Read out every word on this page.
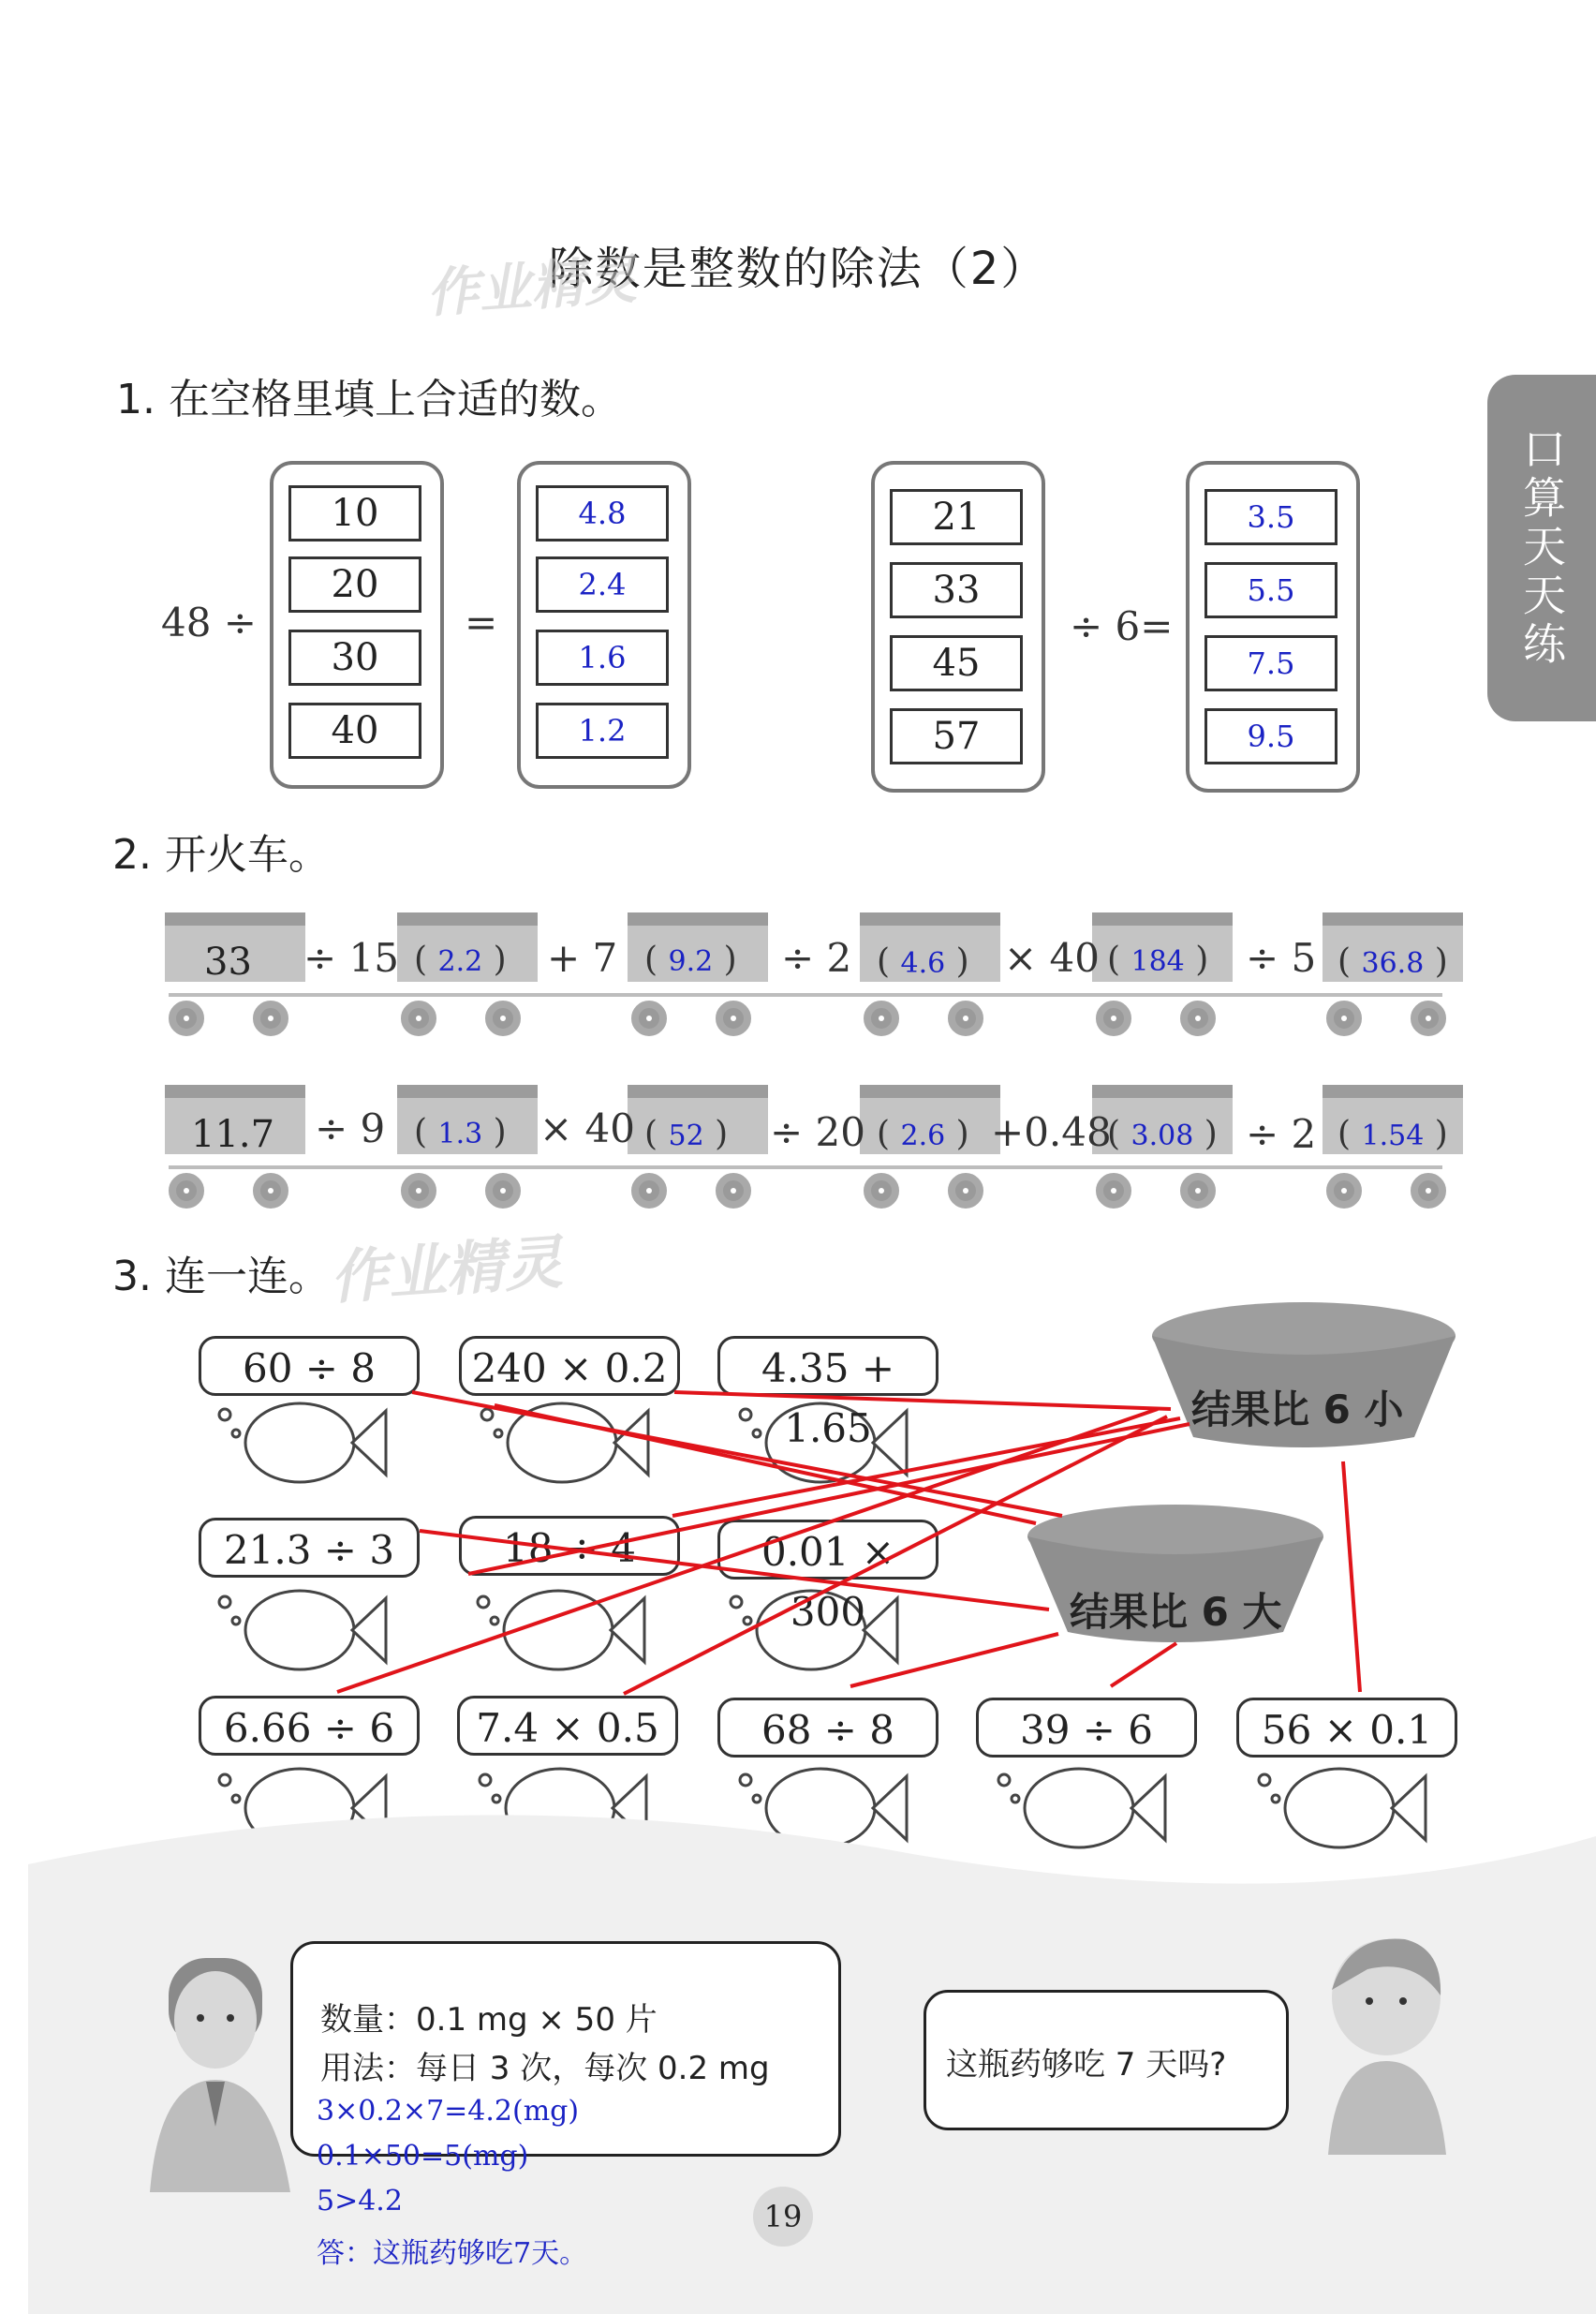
除数是整数的除法（2）
作业精灵
口算天天练
1. 在空格里填上合适的数。
48 ÷
10
20
30
40
=
4.8
2.4
1.6
1.2
21
33
45
57
÷ 6=
3.5
5.5
7.5
9.5
2. 开火车。
33 ÷ 15	+ 7	÷ 2	× 40	÷ 5
( 2.2 )	( 9.2 )	( 4.6 )	( 184 )	( 36.8 )
11.7 ÷ 9	× 40	÷ 20	+0.48	÷ 2
( 1.3 )	( 52 )	( 2.6 )	( 3.08 )	( 1.54 )
3. 连一连。
作业精灵
结果比 6 小
结果比 6 大
60 ÷ 8	240 × 0.2	4.35 + 1.65
21.3 ÷ 3	18 ÷ 4	0.01 × 300
6.66 ÷ 6	7.4 × 0.5	68 ÷ 8	39 ÷ 6	56 × 0.1
数量：0.1 mg × 50 片
用法：每日 3 次，每次 0.2 mg
3×0.2×7=4.2(mg)
0.1×50=5(mg)
5>4.2
答：这瓶药够吃7天。
这瓶药够吃 7 天吗?
19
